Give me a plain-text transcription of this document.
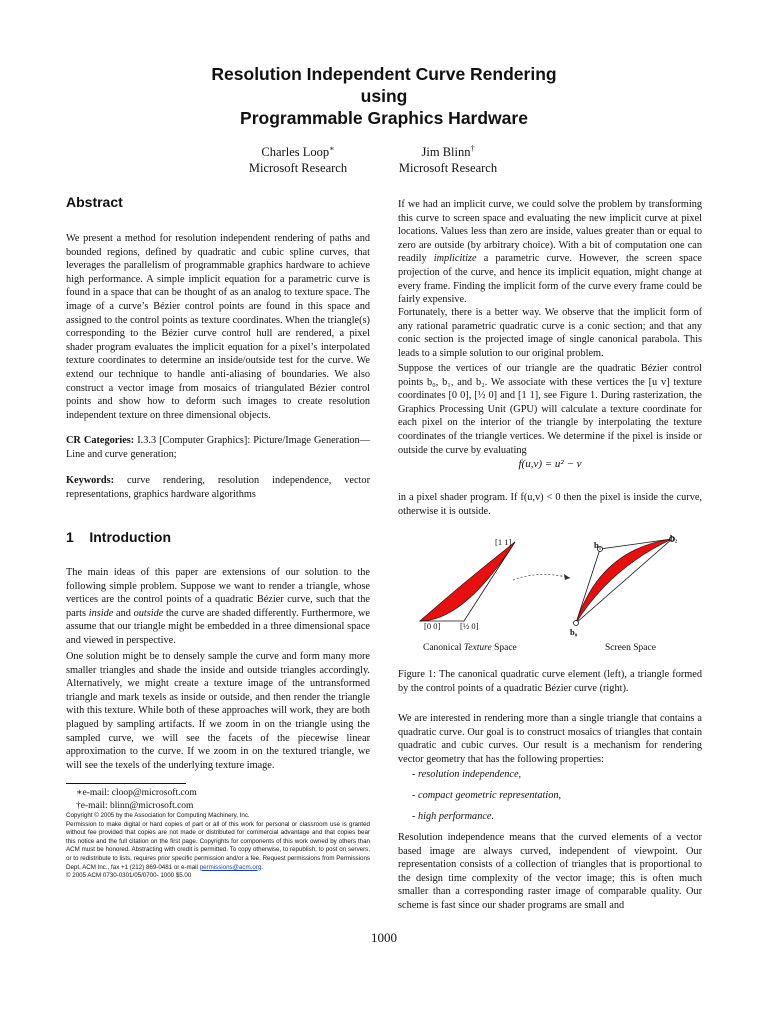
Resolution Independent Curve Rendering
using
Programmable Graphics Hardware
Charles Loop∗
Microsoft Research
Jim Blinn†
Microsoft Research
Abstract
We present a method for resolution independent rendering of paths and bounded regions, defined by quadratic and cubic spline curves, that leverages the parallelism of programmable graphics hardware to achieve high performance. A simple implicit equation for a parametric curve is found in a space that can be thought of as an analog to texture space. The image of a curve’s Bézier control points are found in this space and assigned to the control points as texture coordinates. When the triangle(s) corresponding to the Bézier curve control hull are rendered, a pixel shader program evaluates the implicit equation for a pixel’s interpolated texture coordinates to determine an inside/outside test for the curve. We extend our technique to handle anti-aliasing of boundaries. We also construct a vector image from mosaics of triangulated Bézier control points and show how to deform such images to create resolution independent texture on three dimensional objects.
CR Categories: I.3.3 [Computer Graphics]: Picture/Image Generation—Line and curve generation;
Keywords: curve rendering, resolution independence, vector representations, graphics hardware algorithms
1 Introduction
The main ideas of this paper are extensions of our solution to the following simple problem. Suppose we want to render a triangle, whose vertices are the control points of a quadratic Bézier curve, such that the parts inside and outside the curve are shaded differently. Furthermore, we assume that our triangle might be embedded in a three dimensional space and viewed in perspective.
One solution might be to densely sample the curve and form many more smaller triangles and shade the inside and outside triangles accordingly. Alternatively, we might create a texture image of the untransformed triangle and mark texels as inside or outside, and then render the triangle with this texture. While both of these approaches will work, they are both plagued by sampling artifacts. If we zoom in on the triangle using the sampled curve, we will see the facets of the piecewise linear approximation to the curve. If we zoom in on the textured triangle, we will see the texels of the underlying texture image.
∗e-mail: cloop@microsoft.com
†e-mail: blinn@microsoft.com
Copyright © 2005 by the Association for Computing Machinery, Inc.
Permission to make digital or hard copies of part or all of this work for personal or classroom use is granted without fee provided that copies are not made or distributed for commercial advantage and that copies bear this notice and the full citation on the first page. Copyrights for components of this work owned by others than ACM must be honored. Abstracting with credit is permitted. To copy otherwise, to republish, to post on servers, or to redistribute to lists, requires prior specific permission and/or a fee. Request permissions from Permissions Dept, ACM Inc., fax +1 (212) 869-0481 or e-mail permissions@acm.org.
© 2005 ACM 0730-0301/05/0700- 1000 $5.00
If we had an implicit curve, we could solve the problem by transforming this curve to screen space and evaluating the new implicit curve at pixel locations. Values less than zero are inside, values greater than or equal to zero are outside (by arbitrary choice). With a bit of computation one can readily implicitize a parametric curve. However, the screen space projection of the curve, and hence its implicit equation, might change at every frame. Finding the implicit form of the curve every frame could be fairly expensive.
Fortunately, there is a better way. We observe that the implicit form of any rational parametric quadratic curve is a conic section; and that any conic section is the projected image of single canonical parabola. This leads to a simple solution to our original problem.
Suppose the vertices of our triangle are the quadratic Bézier control points b₀, b₁, and b₂. We associate with these vertices the [u v] texture coordinates [0 0], [½ 0] and [1 1], see Figure 1. During rasterization, the Graphics Processing Unit (GPU) will calculate a texture coordinate for each pixel on the interior of the triangle by interpolating the texture coordinates of the triangle vertices. We determine if the pixel is inside or outside the curve by evaluating
f(u,v) = u² − v
in a pixel shader program. If f(u,v) < 0 then the pixel is inside the curve, otherwise it is outside.
[1 1]
[0 0] [½ 0]
b₀
b₁
b₂
Canonical Texture Space	Screen Space
Figure 1: The canonical quadratic curve element (left), a triangle formed by the control points of a quadratic Bézier curve (right).
We are interested in rendering more than a single triangle that contains a quadratic curve. Our goal is to construct mosaics of triangles that contain quadratic and cubic curves. Our result is a mechanism for rendering vector geometry that has the following properties:
- resolution independence,
- compact geometric representation,
- high performance.
Resolution independence means that the curved elements of a vector based image are always curved, independent of viewpoint. Our representation consists of a collection of triangles that is proportional to the design time complexity of the vector image; this is often much smaller than a corresponding raster image of comparable quality. Our scheme is fast since our shader programs are small and
1000
